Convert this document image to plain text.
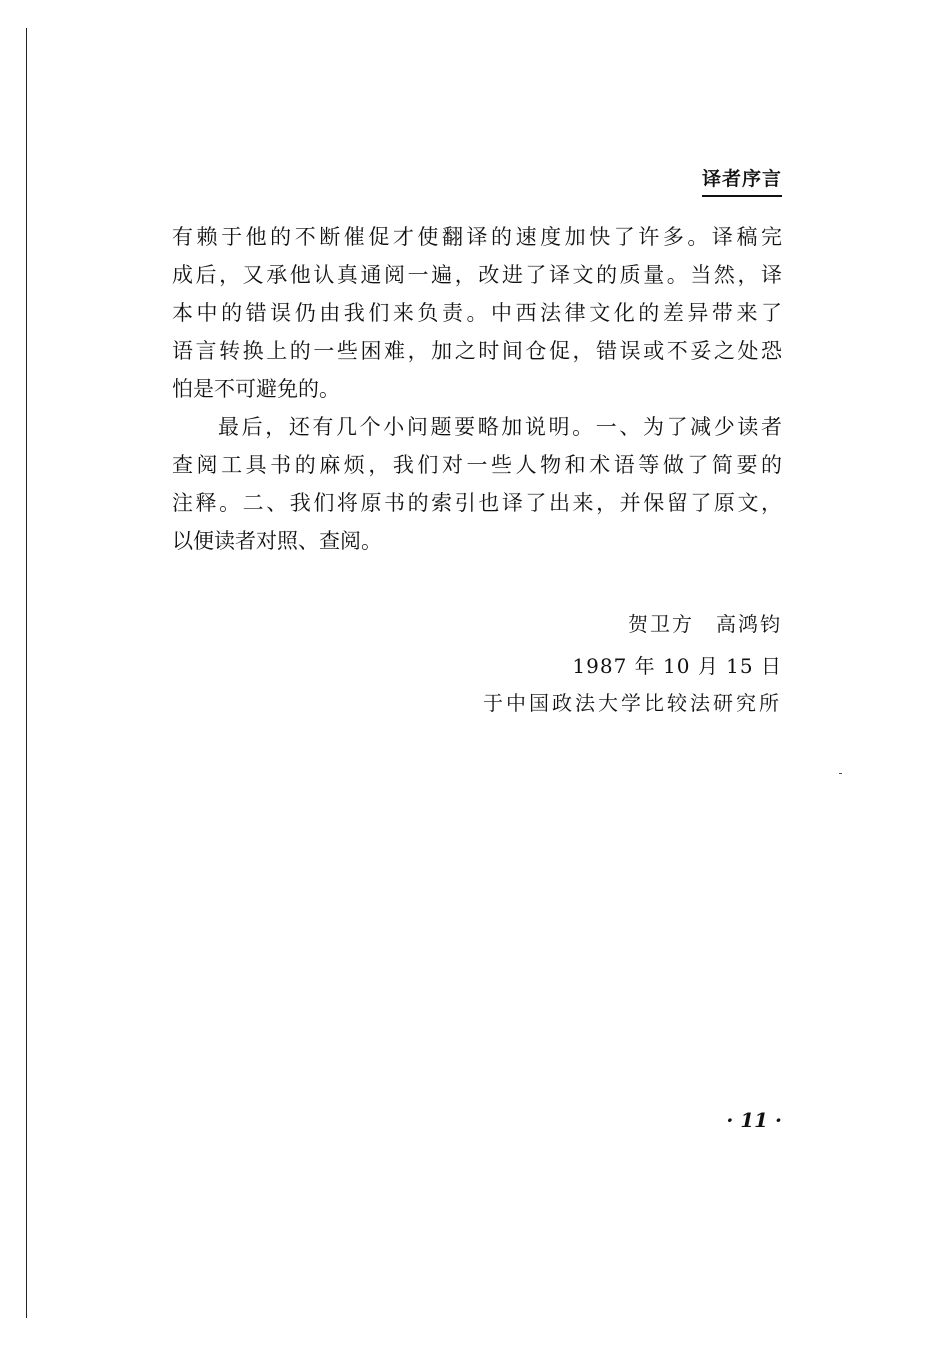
译者序言
有赖于他的不断催促才使翻译的速度加快了许多。译稿完
成后，又承他认真通阅一遍，改进了译文的质量。当然，译
本中的错误仍由我们来负责。中西法律文化的差异带来了
语言转换上的一些困难，加之时间仓促，错误或不妥之处恐
怕是不可避免的。
最后，还有几个小问题要略加说明。一、为了减少读者
查阅工具书的麻烦，我们对一些人物和术语等做了简要的
注释。二、我们将原书的索引也译了出来，并保留了原文，
以便读者对照、查阅。
贺卫方　高鸿钧
1987 年 10 月 15 日
于中国政法大学比较法研究所
· 11 ·
